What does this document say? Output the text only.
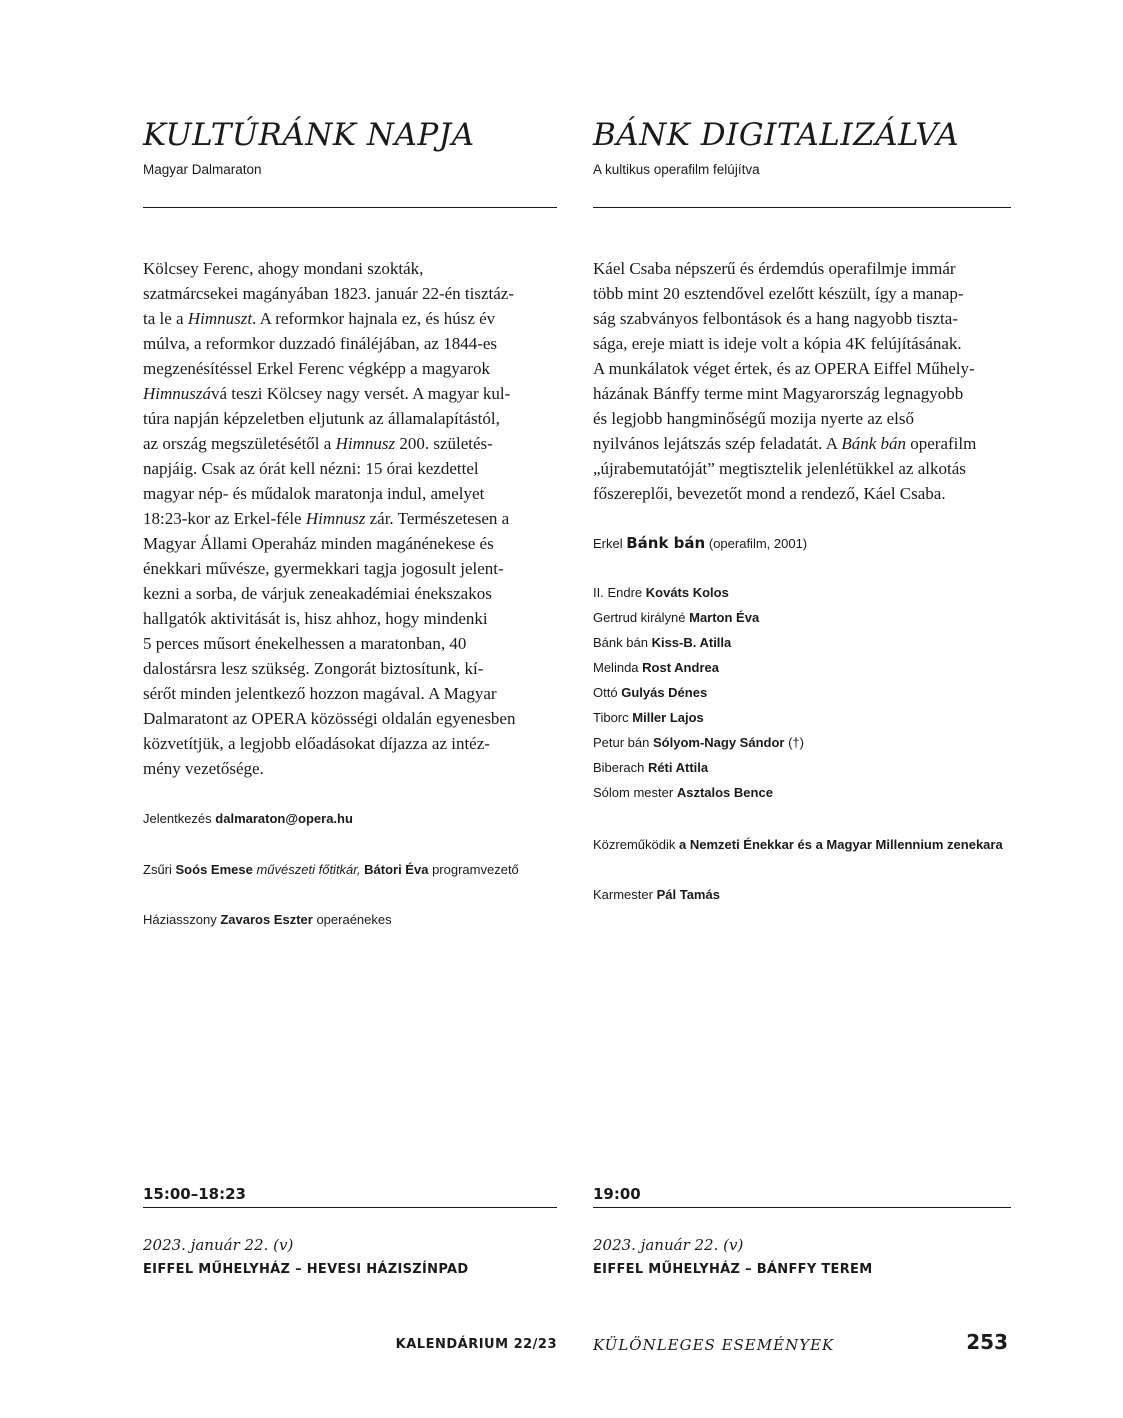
KULTÚRÁNK NAPJA
Magyar Dalmaraton
Kölcsey Ferenc, ahogy mondani szokták,
szatmárcsekei magányában 1823. január 22-én tisztáz-
ta le a Himnuszt. A reformkor hajnala ez, és húsz év
múlva, a reformkor duzzadó fináléjában, az 1844-es
megzenésítéssel Erkel Ferenc végképp a magyarok
Himnuszává teszi Kölcsey nagy versét. A magyar kul-
túra napján képzeletben eljutunk az államalapítástól,
az ország megszületésétől a Himnusz 200. születés-
napjáig. Csak az órát kell nézni: 15 órai kezdettel
magyar nép- és műdalok maratonja indul, amelyet
18:23-kor az Erkel-féle Himnusz zár. Természetesen a
Magyar Állami Operaház minden magánénekese és
énekkari művésze, gyermekkari tagja jogosult jelent-
kezni a sorba, de várjuk zeneakadémiai énekszakos
hallgatók aktivitását is, hisz ahhoz, hogy mindenki
5 perces műsort énekelhessen a maratonban, 40
dalostársra lesz szükség. Zongorát biztosítunk, kí-
sérőt minden jelentkező hozzon magával. A Magyar
Dalmaratont az OPERA közösségi oldalán egyenesben
közvetítjük, a legjobb előadásokat díjazza az intéz-
mény vezetősége.
Jelentkezés dalmaraton@opera.hu
Zsűri Soós Emese művészeti főtitkár, Bátori Éva programvezető
Háziasszony Zavaros Eszter operaénekes
15:00–18:23
2023. január 22. (v)
EIFFEL MŰHELYHÁZ – HEVESI HÁZISZÍNPAD
BÁNK DIGITALIZÁLVA
A kultikus operafilm felújítva
Káel Csaba népszerű és érdemdús operafilmje immár
több mint 20 esztendővel ezelőtt készült, így a manap-
ság szabványos felbontások és a hang nagyobb tiszta-
sága, ereje miatt is ideje volt a kópia 4K felújításának.
A munkálatok véget értek, és az OPERA Eiffel Műhely-
házának Bánffy terme mint Magyarország legnagyobb
és legjobb hangminőségű mozija nyerte az első
nyilvános lejátszás szép feladatát. A Bánk bán operafilm
„újrabemutatóját” megtisztelik jelenlétükkel az alkotás
főszereplői, bevezetőt mond a rendező, Káel Csaba.
Erkel Bánk bán (operafilm, 2001)
II. Endre Kováts Kolos
Gertrud királyné Marton Éva
Bánk bán Kiss-B. Atilla
Melinda Rost Andrea
Ottó Gulyás Dénes
Tiborc Miller Lajos
Petur bán Sólyom-Nagy Sándor (†)
Biberach Réti Attila
Sólom mester Asztalos Bence
Közreműködik a Nemzeti Énekkar és a Magyar Millennium zenekara
Karmester Pál Tamás
19:00
2023. január 22. (v)
EIFFEL MŰHELYHÁZ – BÁNFFY TEREM
KALENDÁRIUM 22/23 KÜLÖNLEGES ESEMÉNYEK	253
